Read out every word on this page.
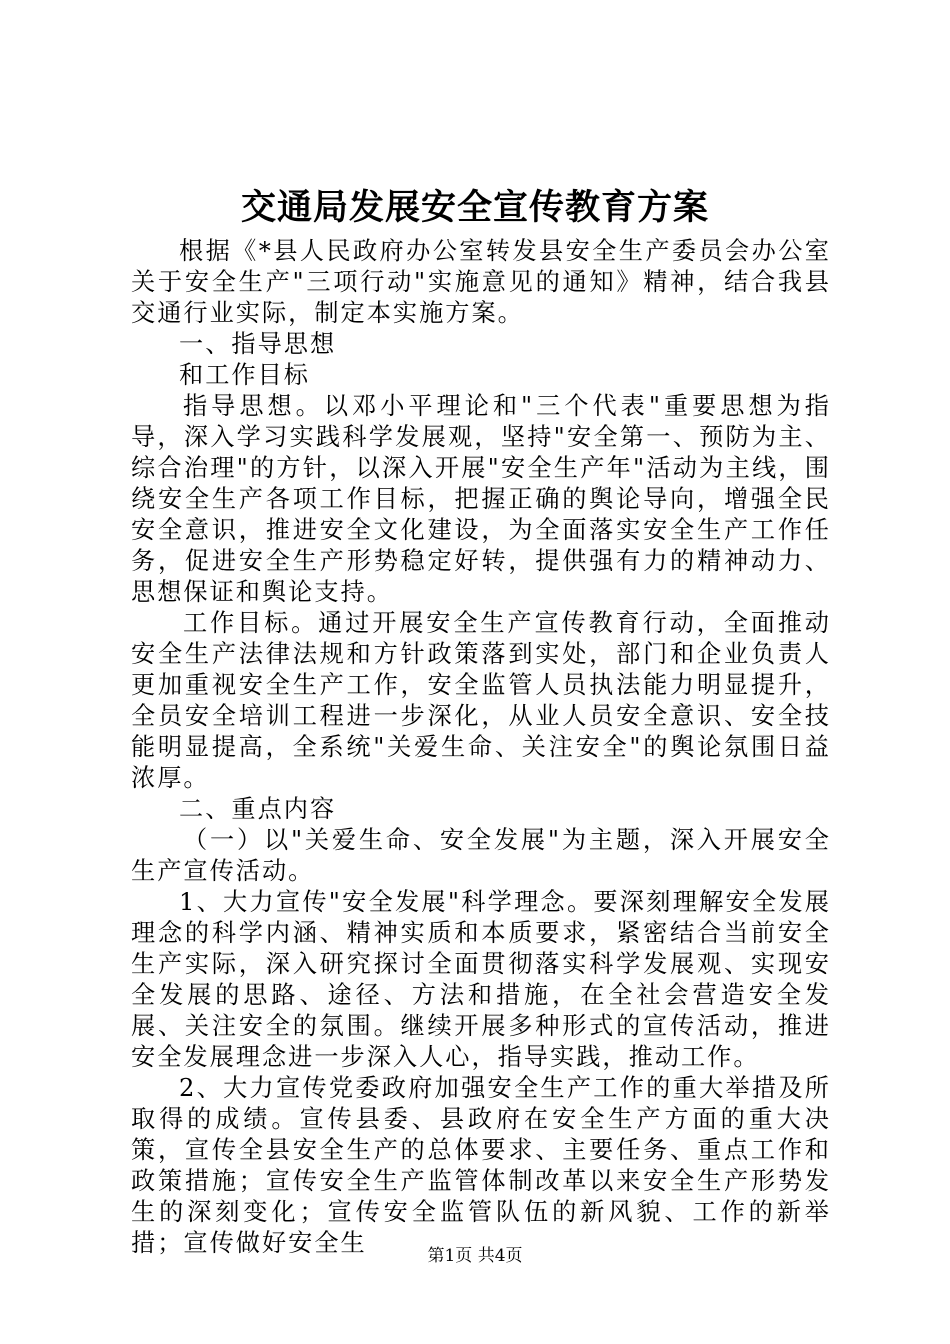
交通局发展安全宣传教育方案

根据《*县人民政府办公室转发县安全生产委员会办公室关于安全生产"三项行动"实施意见的通知》精神，结合我县交通行业实际，制定本实施方案。

一、指导思想

和工作目标

指导思想。以邓小平理论和"三个代表"重要思想为指导，深入学习实践科学发展观，坚持"安全第一、预防为主、综合治理"的方针，以深入开展"安全生产年"活动为主线，围绕安全生产各项工作目标，把握正确的舆论导向，增强全民安全意识，推进安全文化建设，为全面落实安全生产工作任务，促进安全生产形势稳定好转，提供强有力的精神动力、思想保证和舆论支持。

工作目标。通过开展安全生产宣传教育行动，全面推动安全生产法律法规和方针政策落到实处，部门和企业负责人更加重视安全生产工作，安全监管人员执法能力明显提升，全员安全培训工程进一步深化，从业人员安全意识、安全技能明显提高，全系统"关爱生命、关注安全"的舆论氛围日益浓厚。

二、重点内容

（一）以"关爱生命、安全发展"为主题，深入开展安全生产宣传活动。

1、大力宣传"安全发展"科学理念。要深刻理解安全发展理念的科学内涵、精神实质和本质要求，紧密结合当前安全生产实际，深入研究探讨全面贯彻落实科学发展观、实现安全发展的思路、途径、方法和措施，在全社会营造安全发展、关注安全的氛围。继续开展多种形式的宣传活动，推进安全发展理念进一步深入人心，指导实践，推动工作。

2、大力宣传党委政府加强安全生产工作的重大举措及所取得的成绩。宣传县委、县政府在安全生产方面的重大决策，宣传全县安全生产的总体要求、主要任务、重点工作和政策措施；宣传安全生产监管体制改革以来安全生产形势发生的深刻变化；宣传安全监管队伍的新风貌、工作的新举措；宣传做好安全生	第1页 共4页
